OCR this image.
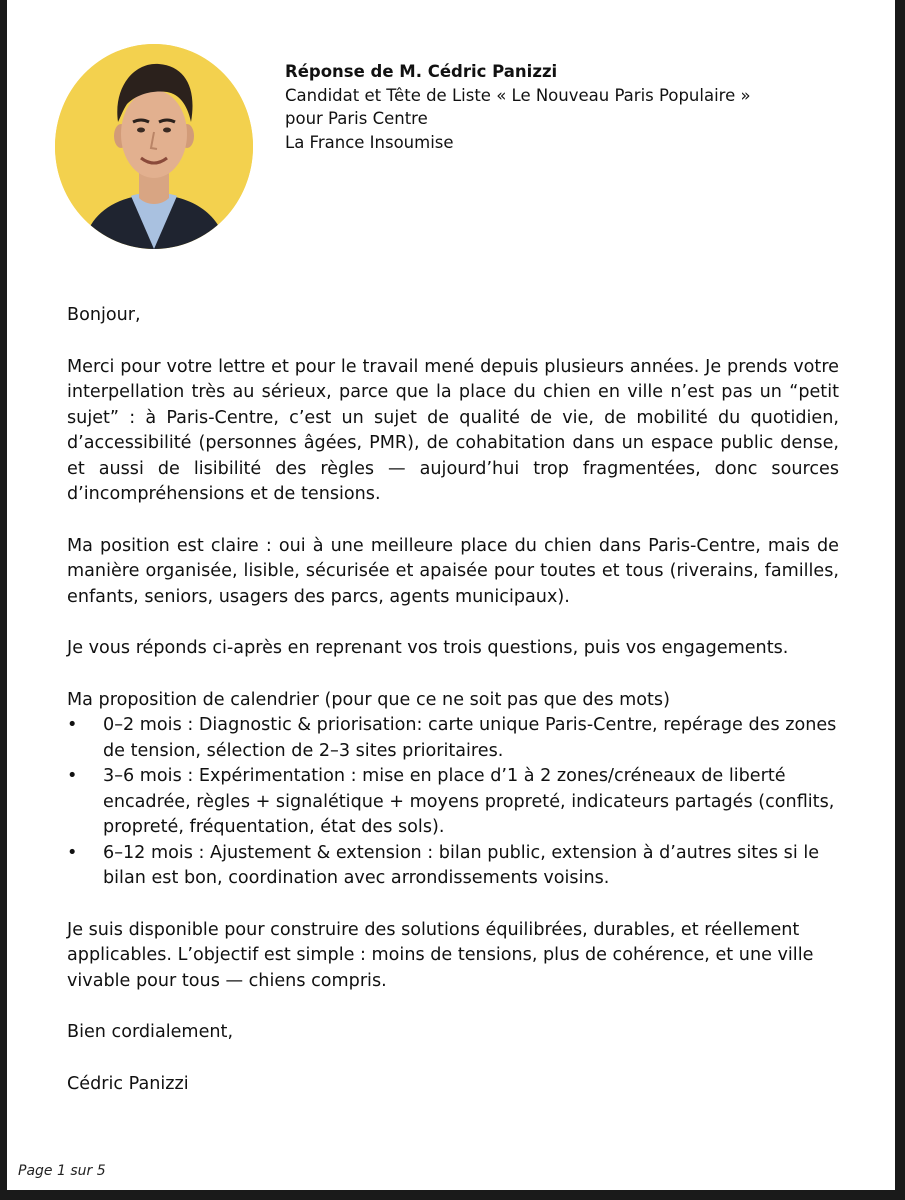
Réponse de M. Cédric Panizzi
Candidat et Tête de Liste « Le Nouveau Paris Populaire »
pour Paris Centre
La France Insoumise

Bonjour,

Merci pour votre lettre et pour le travail mené depuis plusieurs années. Je prends votre interpellation très au sérieux, parce que la place du chien en ville n’est pas un “petit sujet” : à Paris-Centre, c’est un sujet de qualité de vie, de mobilité du quotidien, d’accessibilité (personnes âgées, PMR), de cohabitation dans un espace public dense, et aussi de lisibilité des règles — aujourd’hui trop fragmentées, donc sources d’incompréhensions et de tensions.

Ma position est claire : oui à une meilleure place du chien dans Paris-Centre, mais de manière organisée, lisible, sécurisée et apaisée pour toutes et tous (riverains, familles, enfants, seniors, usagers des parcs, agents municipaux).

Je vous réponds ci-après en reprenant vos trois questions, puis vos engagements.

Ma proposition de calendrier (pour que ce ne soit pas que des mots)

• 0–2 mois : Diagnostic & priorisation: carte unique Paris-Centre, repérage des zones de tension, sélection de 2–3 sites prioritaires.
• 3–6 mois : Expérimentation : mise en place d’1 à 2 zones/créneaux de liberté encadrée, règles + signalétique + moyens propreté, indicateurs partagés (conflits, propreté, fréquentation, état des sols).
• 6–12 mois : Ajustement & extension : bilan public, extension à d’autres sites si le bilan est bon, coordination avec arrondissements voisins.

Je suis disponible pour construire des solutions équilibrées, durables, et réellement applicables. L’objectif est simple : moins de tensions, plus de cohérence, et une ville vivable pour tous — chiens compris.

Bien cordialement,

Cédric Panizzi

Page 1 sur 5
